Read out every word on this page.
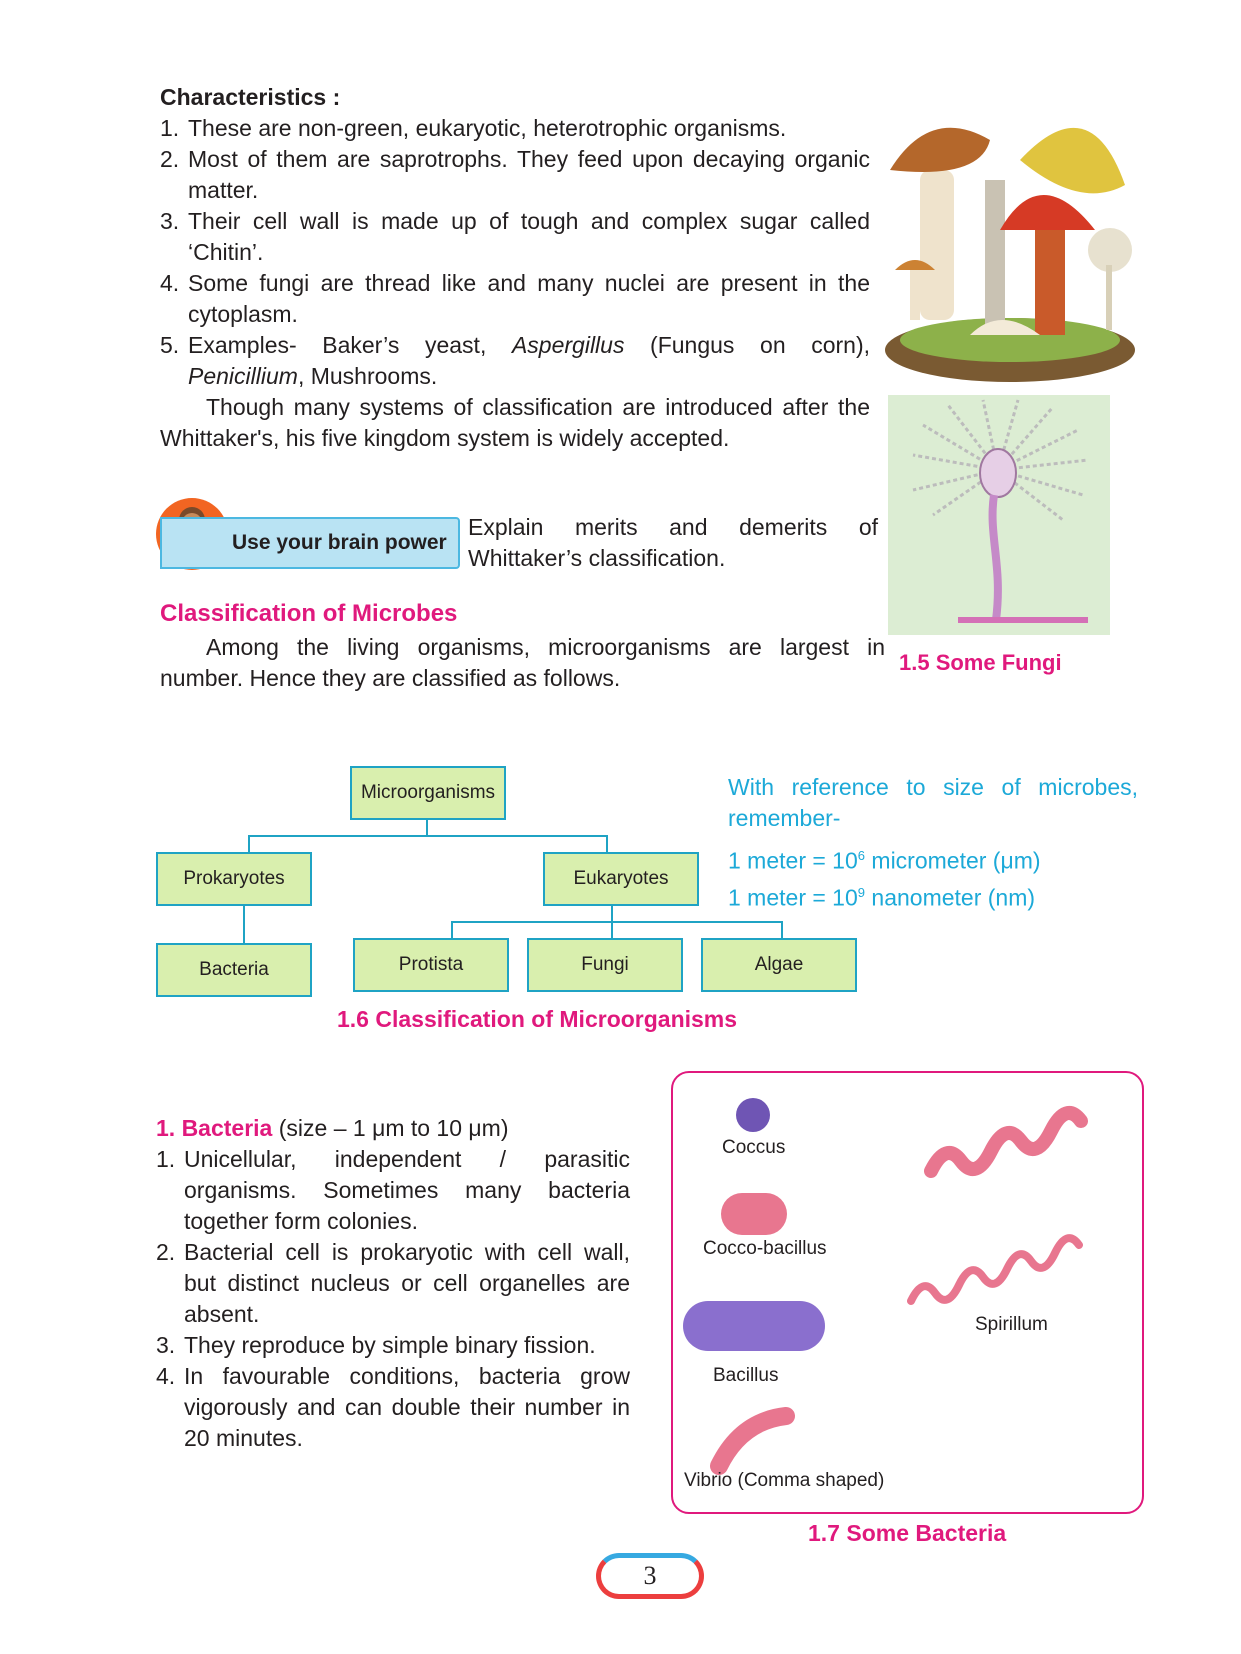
Characteristics :
1. These are non-green, eukaryotic, heterotrophic organisms.
2. Most of them are saprotrophs. They feed upon decaying organic matter.
3. Their cell wall is made up of tough and complex sugar called ‘Chitin’.
4. Some fungi are thread like and many nuclei are present in the cytoplasm.
5. Examples- Baker’s yeast, Aspergillus (Fungus on corn), Penicillium, Mushrooms.

Though many systems of classification are introduced after the Whittaker's, his five kingdom system is widely accepted.

1.5 Some Fungi
Use your brain power
Explain merits and demerits of Whittaker’s classification.
Classification of Microbes

Among the living organisms, microorganisms are largest in number. Hence they are classified as follows.

Microorganisms
Prokaryotes	Eukaryotes
Bacteria	Protista	Fungi	Algae
1.6 Classification of Microorganisms
With reference to size of microbes, remember-
1 meter = $10^6$ micrometer (μm)
1 meter = $10^9$ nanometer (nm)
1. Bacteria (size – 1 μm to 10 μm)
1. Unicellular, independent / parasitic organisms. Sometimes many bacteria together form colonies.
2. Bacterial cell is prokaryotic with cell wall, but distinct nucleus or cell organelles are absent.
3. They reproduce by simple binary fission.
4. In favourable conditions, bacteria grow vigorously and can double their number in 20 minutes.
Coccus
Cocco-bacillus
Bacillus
Vibrio (Comma shaped)
Spirillum
1.7 Some Bacteria
3
